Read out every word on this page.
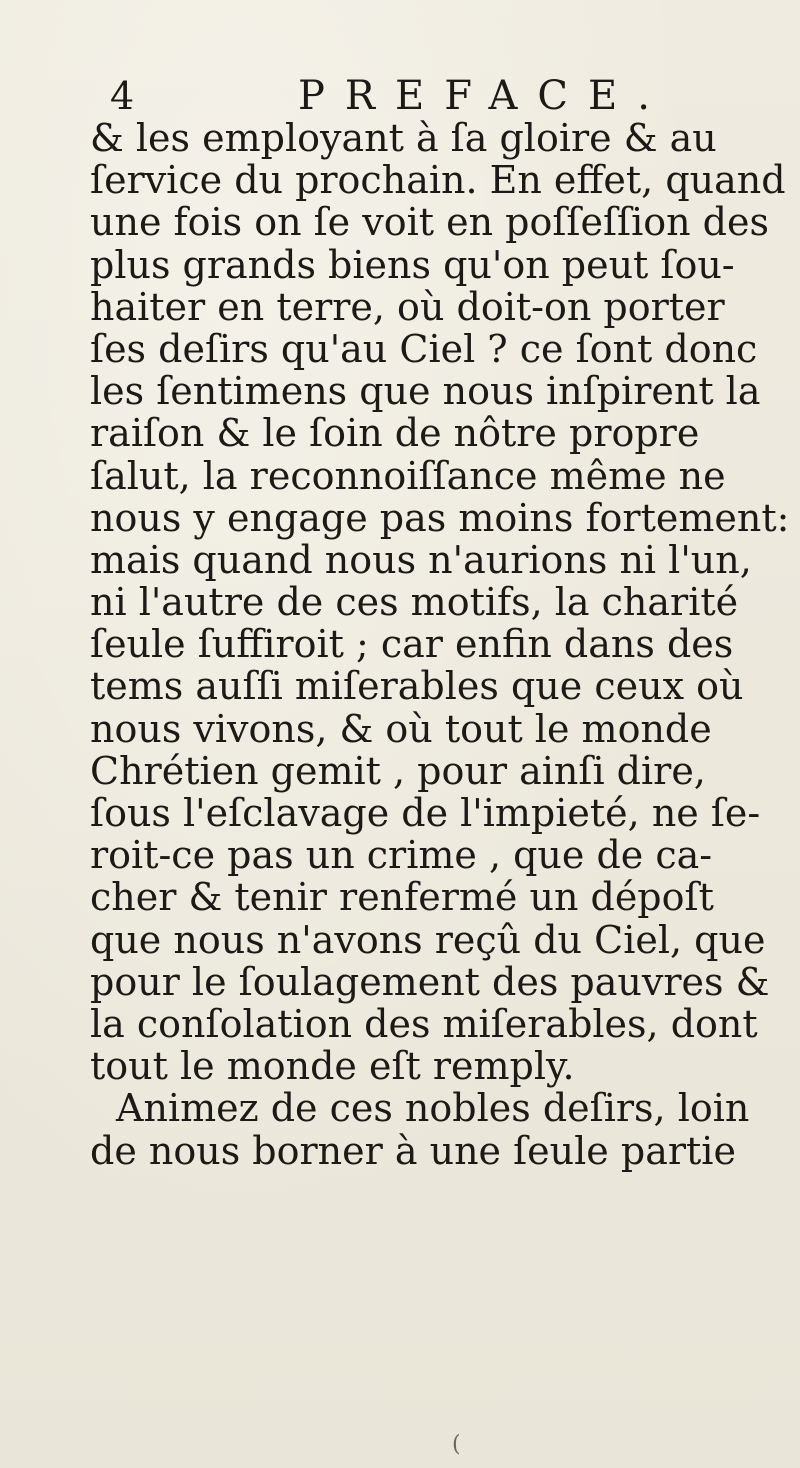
4	PREFACE.
& les employant à ſa gloire & au
ſervice du prochain. En effet, quand
une fois on ſe voit en poſſeſſion des
plus grands biens qu'on peut ſou-
haiter en terre, où doit-on porter
ſes deſirs qu'au Ciel ? ce ſont donc
les ſentimens que nous inſpirent la
raiſon & le ſoin de nôtre propre
ſalut, la reconnoiſſance même ne
nous y engage pas moins fortement:
mais quand nous n'aurions ni l'un,
ni l'autre de ces motifs, la charité
ſeule ſuffiroit ; car enfin dans des
tems auſſi miſerables que ceux où
nous vivons, & où tout le monde
Chrétien gemit , pour ainſi dire,
ſous l'eſclavage de l'impieté, ne ſe-
roit-ce pas un crime , que de ca-
cher & tenir renfermé un dépoſt
que nous n'avons reçû du Ciel, que
pour le ſoulagement des pauvres &
la conſolation des miſerables, dont
tout le monde eſt remply.
Animez de ces nobles deſirs, loin
de nous borner à une ſeule partie
(
